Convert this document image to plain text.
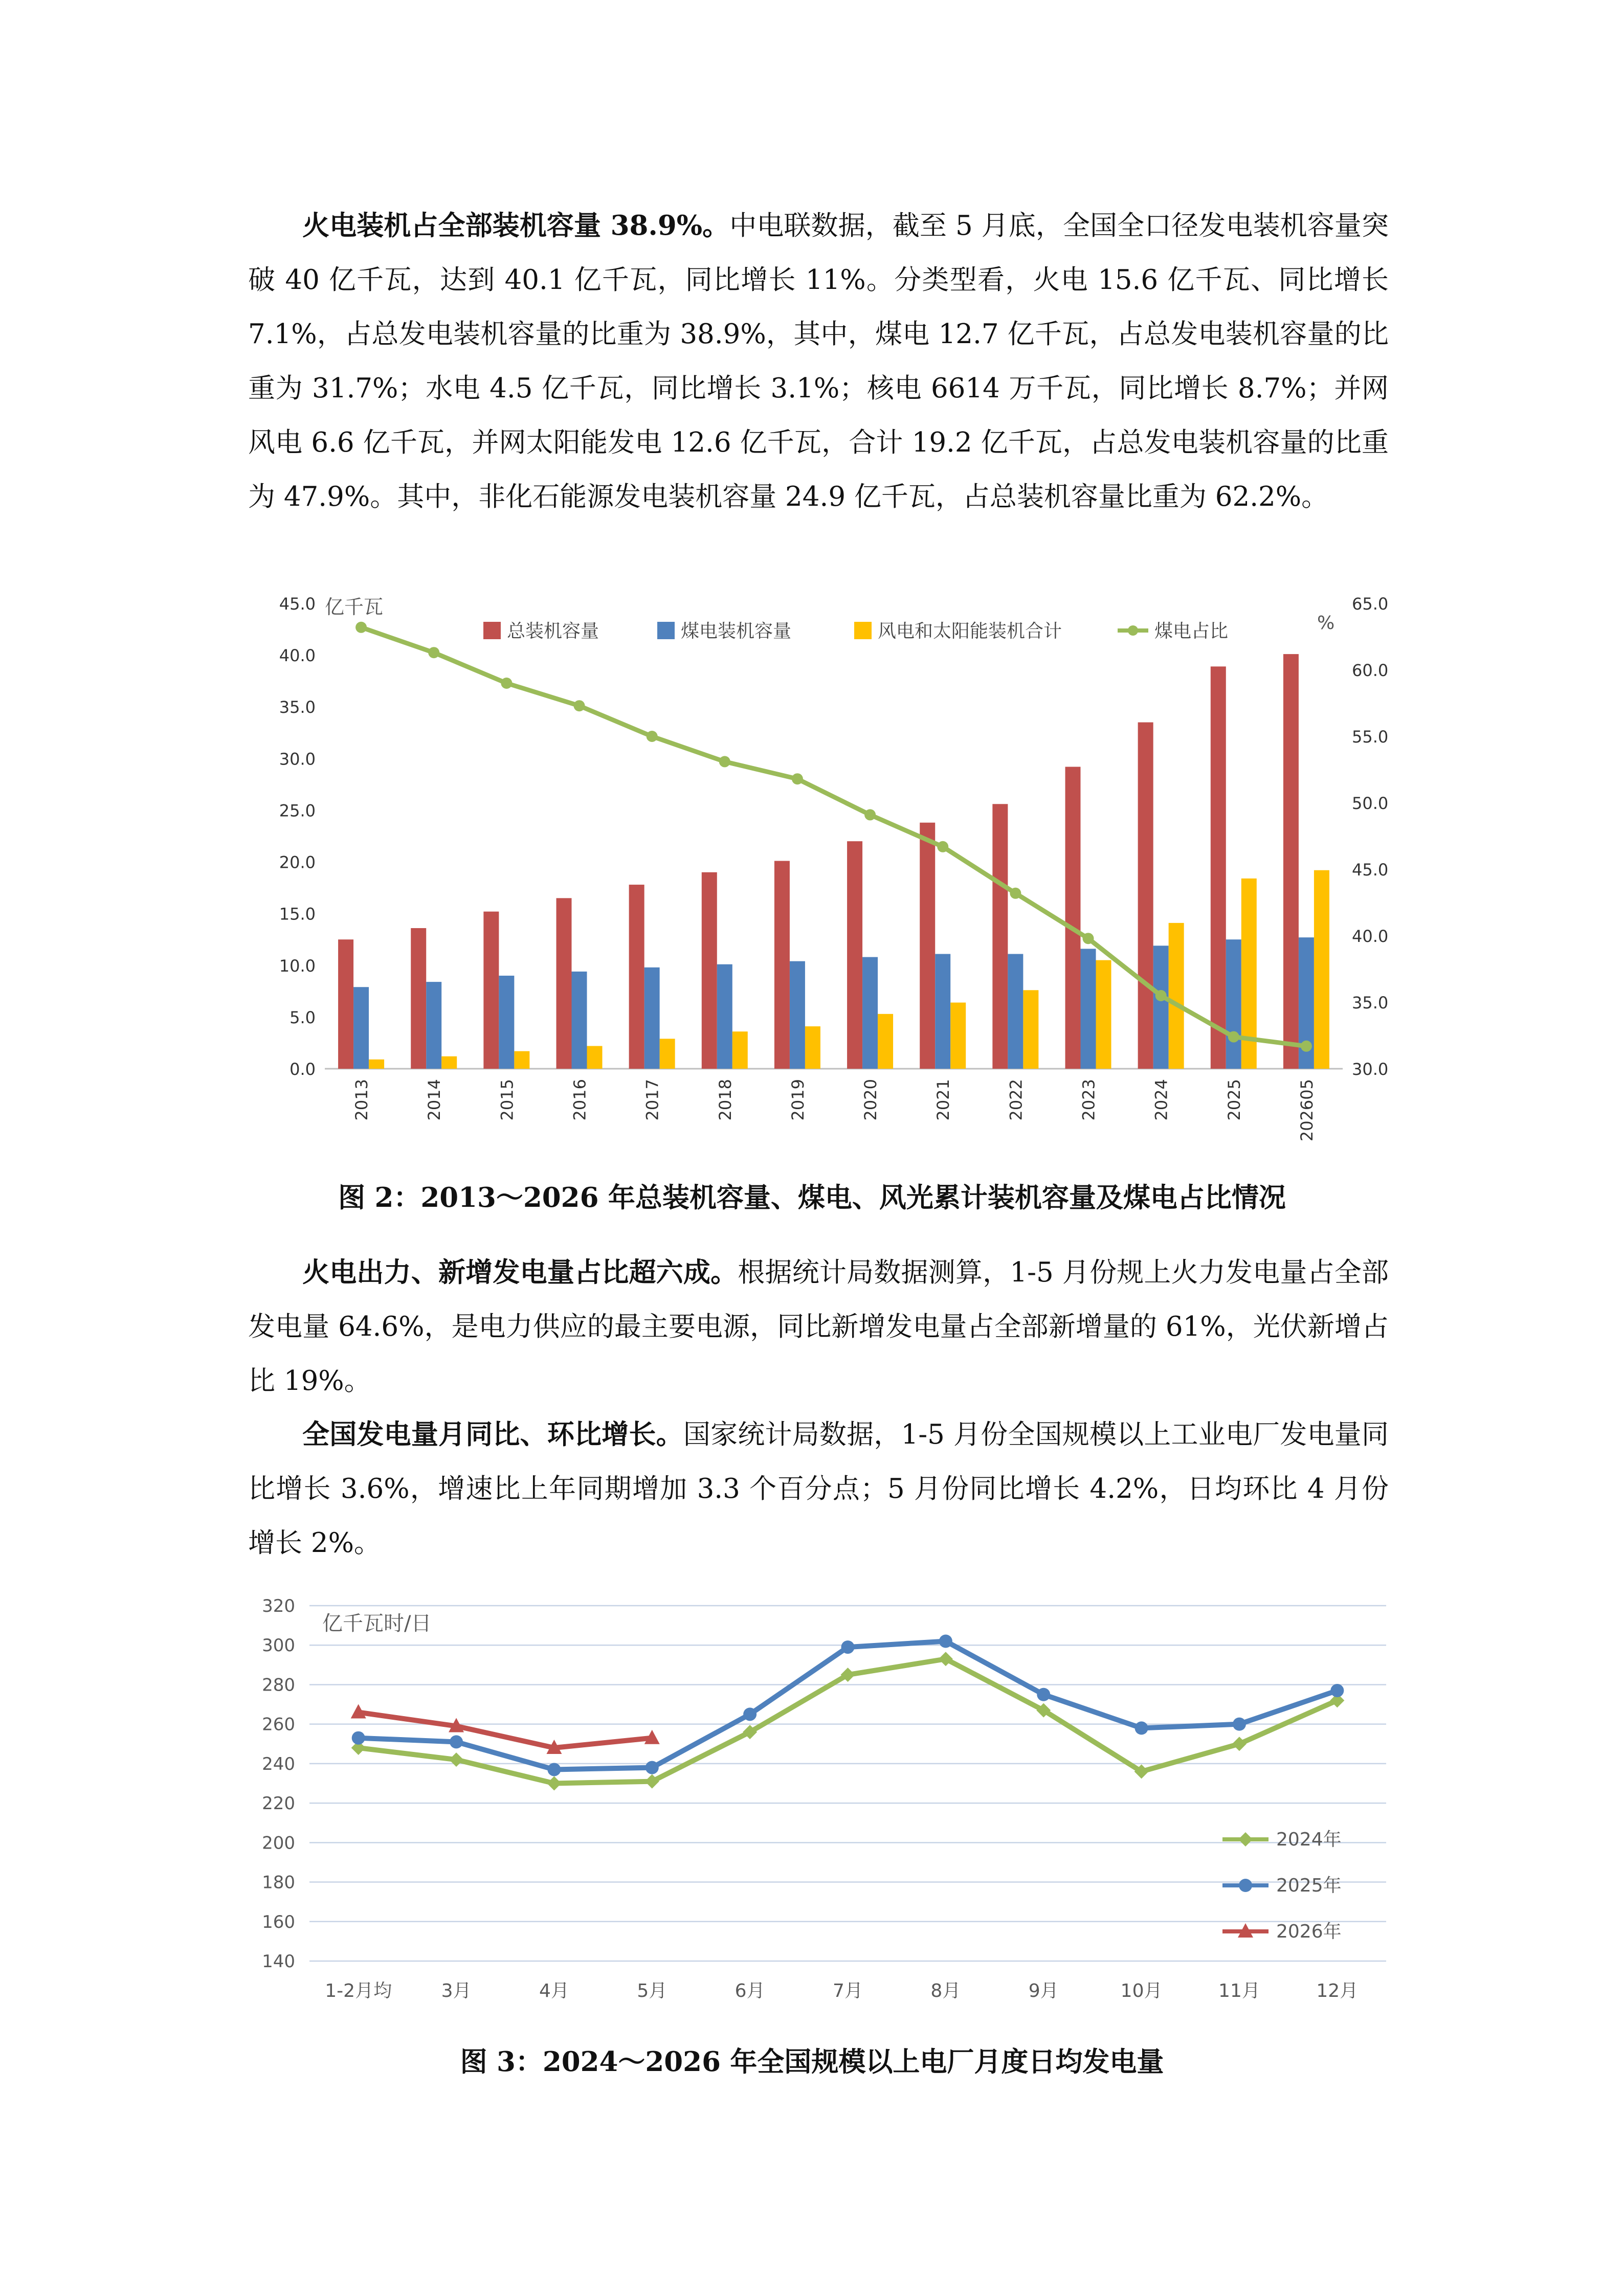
火电装机占全部装机容量 38.9%。中电联数据，截至 5 月底，全国全口径发电装机容量突破 40 亿千瓦，达到 40.1 亿千瓦，同比增长 11%。分类型看，火电 15.6 亿千瓦、同比增长 7.1%，占总发电装机容量的比重为 38.9%，其中，煤电 12.7 亿千瓦，占总发电装机容量的比重为 31.7%；水电 4.5 亿千瓦，同比增长 3.1%；核电 6614 万千瓦，同比增长 8.7%；并网风电 6.6 亿千瓦，并网太阳能发电 12.6 亿千瓦，合计 19.2 亿千瓦，占总发电装机容量的比重为 47.9%。其中，非化石能源发电装机容量 24.9 亿千瓦，占总装机容量比重为 62.2%。

0.0
5.0
10.0
15.0
20.0
25.0
30.0
35.0
40.0
45.0
30.0
35.0
40.0
45.0
50.0
55.0
60.0
65.0
亿千瓦
%
2013	2014	2015	2016	2017	2018	2019	2020	2021	2022	2023	2024	2025	202605
总装机容量	煤电装机容量	风电和太阳能装机合计	煤电占比
图 2：2013～2026 年总装机容量、煤电、风光累计装机容量及煤电占比情况

火电出力、新增发电量占比超六成。根据统计局数据测算，1-5 月份规上火力发电量占全部发电量 64.6%，是电力供应的最主要电源，同比新增发电量占全部新增量的 61%，光伏新增占比 19%。

全国发电量月同比、环比增长。国家统计局数据，1-5 月份全国规模以上工业电厂发电量同比增长 3.6%，增速比上年同期增加 3.3 个百分点；5 月份同比增长 4.2%，日均环比 4 月份增长 2%。

140
160
180
200
220
240
260
280
300
320
亿千瓦时/日
1-2月均	3月	4月	5月	6月	7月	8月	9月	10月	11月	12月
2024年
2025年
2026年
图 3：2024～2026 年全国规模以上电厂月度日均发电量
